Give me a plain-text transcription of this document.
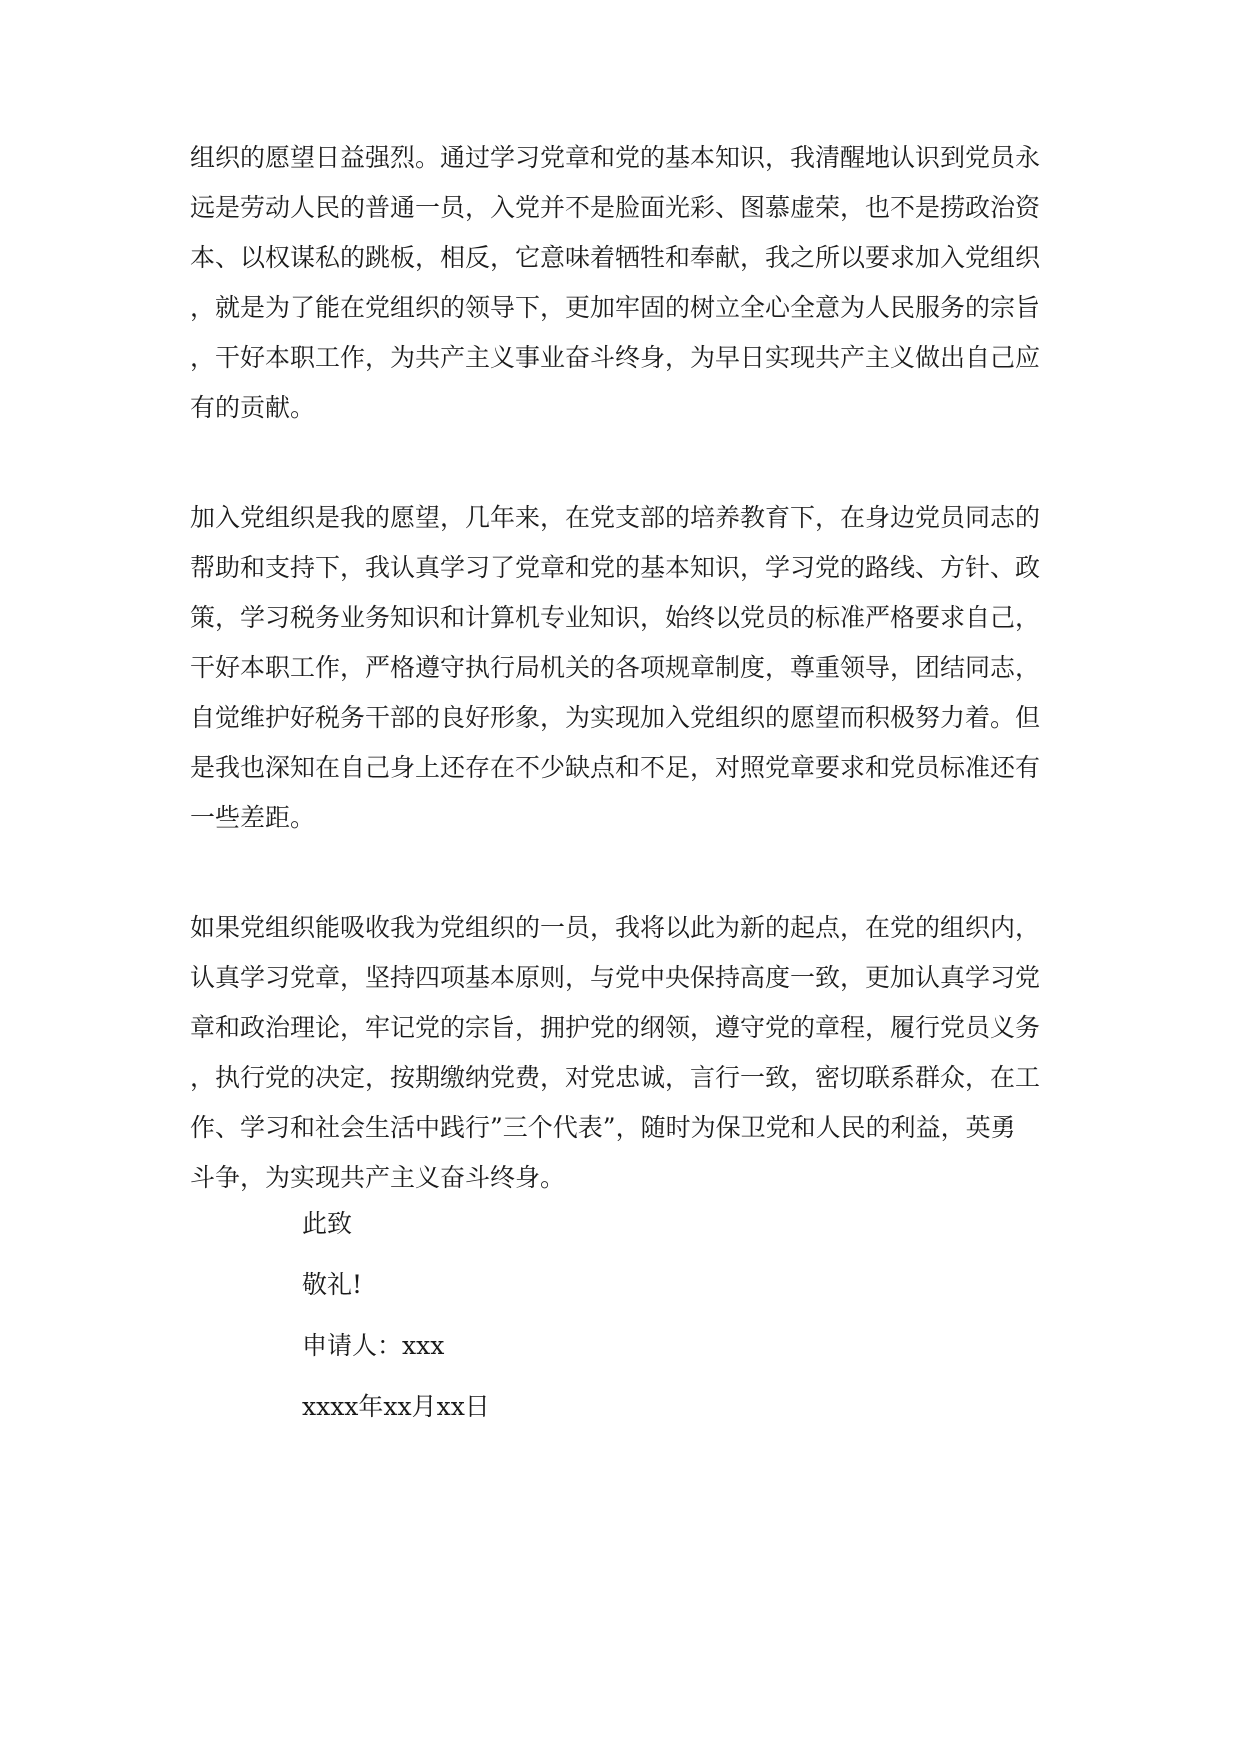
组织的愿望日益强烈。通过学习党章和党的基本知识，我清醒地认识到党员永
远是劳动人民的普通一员，入党并不是脸面光彩、图慕虚荣，也不是捞政治资
本、以权谋私的跳板，相反，它意味着牺牲和奉献，我之所以要求加入党组织
，就是为了能在党组织的领导下，更加牢固的树立全心全意为人民服务的宗旨
，干好本职工作，为共产主义事业奋斗终身，为早日实现共产主义做出自己应
有的贡献。
加入党组织是我的愿望，几年来，在党支部的培养教育下，在身边党员同志的
帮助和支持下，我认真学习了党章和党的基本知识，学习党的路线、方针、政
策，学习税务业务知识和计算机专业知识，始终以党员的标准严格要求自己，
干好本职工作，严格遵守执行局机关的各项规章制度，尊重领导，团结同志，
自觉维护好税务干部的良好形象，为实现加入党组织的愿望而积极努力着。但
是我也深知在自己身上还存在不少缺点和不足，对照党章要求和党员标准还有
一些差距。
如果党组织能吸收我为党组织的一员，我将以此为新的起点，在党的组织内，
认真学习党章，坚持四项基本原则，与党中央保持高度一致，更加认真学习党
章和政治理论，牢记党的宗旨，拥护党的纲领，遵守党的章程，履行党员义务
，执行党的决定，按期缴纳党费，对党忠诚，言行一致，密切联系群众，在工
作、学习和社会生活中践行”三个代表”，随时为保卫党和人民的利益，英勇
斗争，为实现共产主义奋斗终身。
此致
敬礼!
申请人：xxx
xxxx年xx月xx日
